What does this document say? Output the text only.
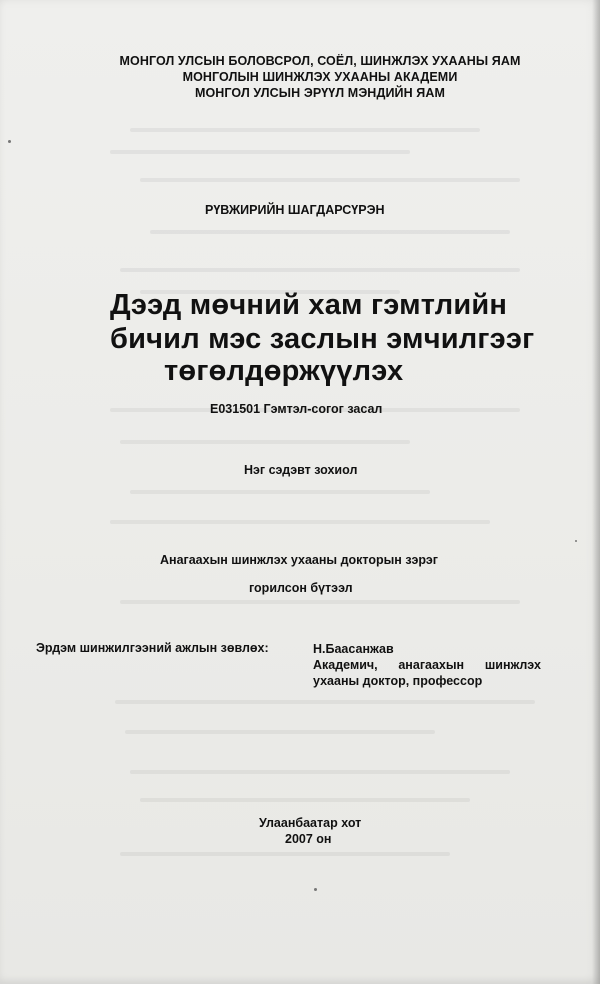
МОНГОЛ УЛСЫН БОЛОВСРОЛ, СОЁЛ, ШИНЖЛЭХ УХААНЫ ЯАМ
МОНГОЛЫН ШИНЖЛЭХ УХААНЫ АКАДЕМИ
МОНГОЛ УЛСЫН ЭРҮҮЛ МЭНДИЙН ЯАМ
РҮВЖИРИЙН ШАГДАРСҮРЭН
Дээд мөчний хам гэмтлийн
бичил мэс заслын эмчилгээг
төгөлдөржүүлэх
E031501 Гэмтэл-согог засал
Нэг сэдэвт зохиол
Анагаахын шинжлэх ухааны докторын зэрэг
горилсон бүтээл
Эрдэм шинжилгээний ажлын зөвлөх:	Н.Баасанжав
Академич, анагаахын шинжлэх
ухааны доктор, профессор
Улаанбаатар хот
2007 он
